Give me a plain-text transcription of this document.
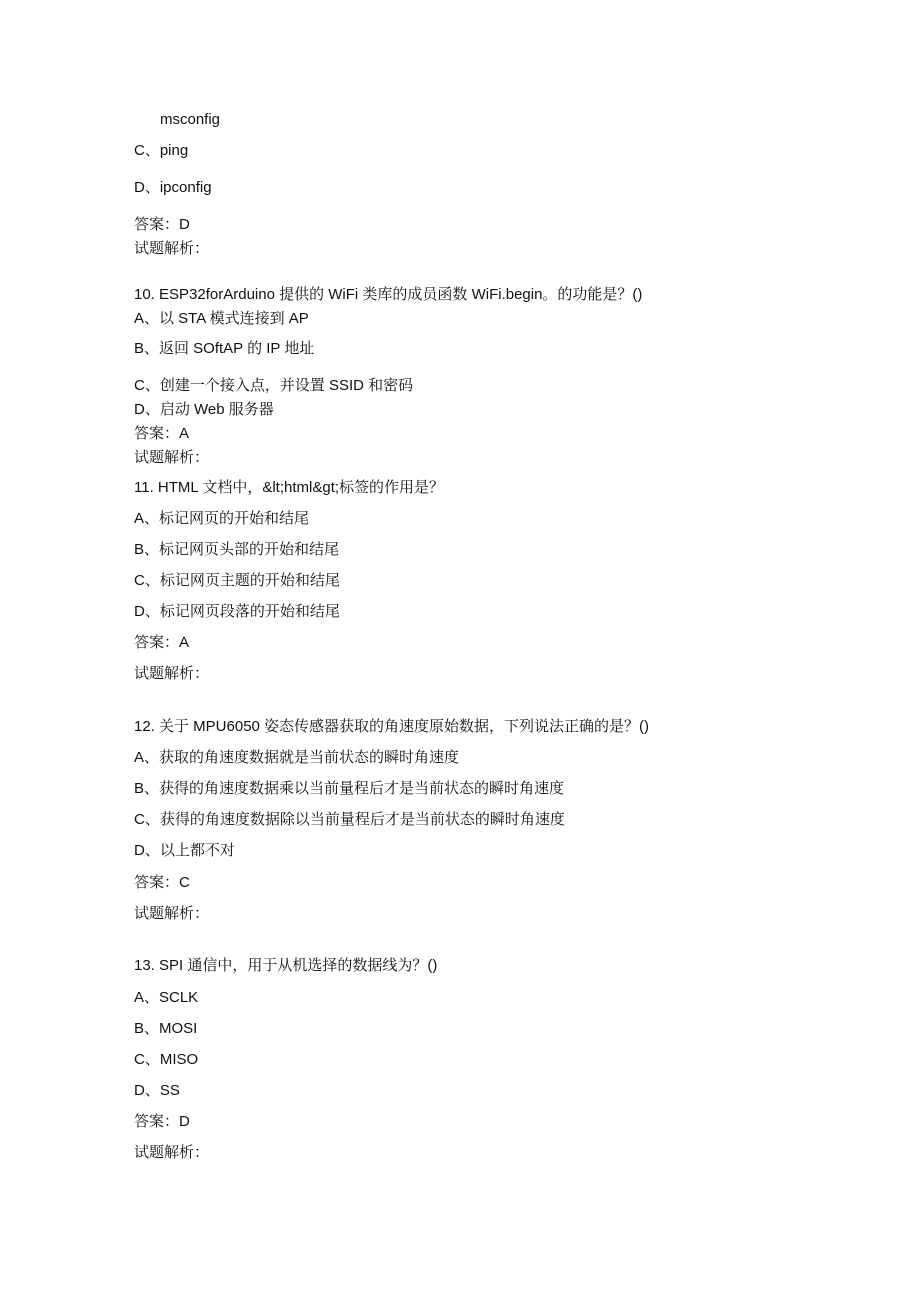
msconfig
C、ping
D、ipconfig
答案：D
试题解析：
10. ESP32forArduino 提供的 WiFi 类库的成员函数 WiFi.begin。的功能是？()
A、以 STA 模式连接到 AP
B、返回 SOftAP 的 IP 地址
C、创建一个接入点，并设置 SSID 和密码
D、启动 Web 服务器
答案：A
试题解析：
11. HTML 文档中，&lt;html&gt;标签的作用是？
A、标记网页的开始和结尾
B、标记网页头部的开始和结尾
C、标记网页主题的开始和结尾
D、标记网页段落的开始和结尾
答案：A
试题解析：
12. 关于 MPU6050 姿态传感器获取的角速度原始数据，下列说法正确的是？()
A、获取的角速度数据就是当前状态的瞬时角速度
B、获得的角速度数据乘以当前量程后才是当前状态的瞬时角速度
C、获得的角速度数据除以当前量程后才是当前状态的瞬时角速度
D、以上都不对
答案：C
试题解析：
13. SPI 通信中，用于从机选择的数据线为？()
A、SCLK
B、MOSI
C、MISO
D、SS
答案：D
试题解析：
